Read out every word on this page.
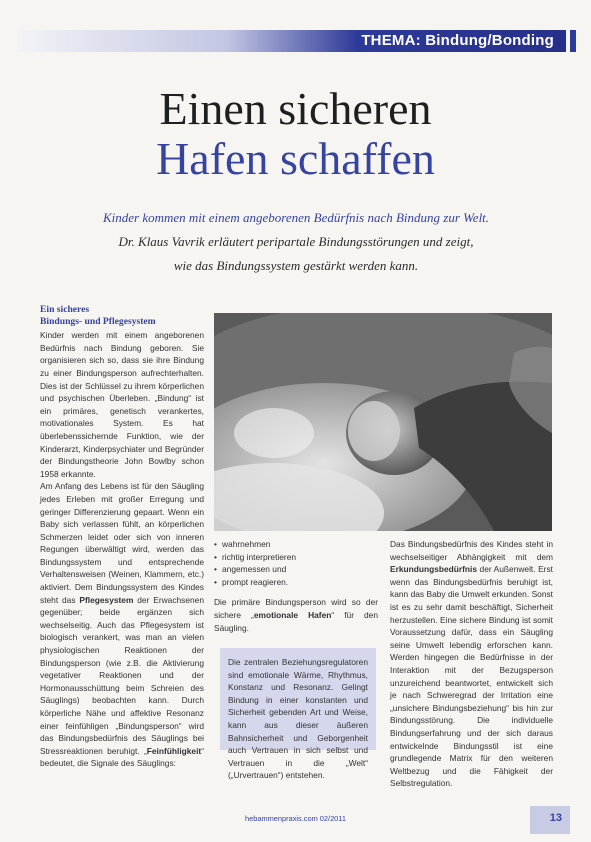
THEMA: Bindung/Bonding
Einen sicheren
Hafen schaffen
Kinder kommen mit einem angeborenen Bedürfnis nach Bindung zur Welt.
Dr. Klaus Vavrik erläutert peripartale Bindungsstörungen und zeigt,
wie das Bindungssystem gestärkt werden kann.
Ein sicheres
Bindungs- und Pflegesystem

Kinder werden mit einem angeborenen Bedürfnis nach Bindung geboren. Sie organisieren sich so, dass sie ihre Bindung zu einer Bindungsperson aufrechterhalten. Dies ist der Schlüssel zu ihrem körperlichen und psychischen Überleben. „Bindung“ ist ein primäres, genetisch verankertes, motivationales System. Es hat überlebenssichernde Funktion, wie der Kinderarzt, Kinderpsychiater und Begründer der Bindungstheorie John Bowlby schon 1958 erkannte.

Am Anfang des Lebens ist für den Säugling jedes Erleben mit großer Erregung und geringer Differenzierung gepaart. Wenn ein Baby sich verlassen fühlt, an körperlichen Schmerzen leidet oder sich von inneren Regungen überwältigt wird, werden das Bindungssystem und entsprechende Verhaltensweisen (Weinen, Klammern, etc.) aktiviert. Dem Bindungssystem des Kindes steht das Pflegesystem der Erwachsenen gegenüber; beide ergänzen sich wechselseitig. Auch das Pflegesystem ist biologisch verankert, was man an vielen physiologischen Reaktionen der Bindungsperson (wie z.B. die Aktivierung vegetativer Reaktionen und der Hormonausschüttung beim Schreien des Säuglings) beobachten kann. Durch körperliche Nähe und affektive Resonanz einer feinfühligen „Bindungsperson“ wird das Bindungsbedürfnis des Säuglings bei Stressreaktionen beruhigt. „Feinfühligkeit“ bedeutet, die Signale des Säuglings:

• wahrnehmen
• richtig interpretieren
• angemessen und
• prompt reagieren.

Die primäre Bindungsperson wird so der sichere „emotionale Hafen“ für den Säugling.

Die zentralen Beziehungsregulatoren sind emotionale Wärme, Rhythmus, Konstanz und Resonanz. Gelingt Bindung in einer konstanten und Sicherheit gebenden Art und Weise, kann aus dieser äußeren Bahnsicherheit und Geborgenheit auch Vertrauen in sich selbst und Vertrauen in die „Welt“ („Urvertrauen“) entstehen.

Das Bindungsbedürfnis des Kindes steht in wechselseitiger Abhängigkeit mit dem Erkundungsbedürfnis der Außenwelt. Erst wenn das Bindungsbedürfnis beruhigt ist, kann das Baby die Umwelt erkunden. Sonst ist es zu sehr damit beschäftigt, Sicherheit herzustellen. Eine sichere Bindung ist somit Voraussetzung dafür, dass ein Säugling seine Umwelt lebendig erforschen kann. Werden hingegen die Bedürfnisse in der Interaktion mit der Bezugsperson unzureichend beantwortet, entwickelt sich je nach Schweregrad der Irritation eine „unsichere Bindungsbeziehung“ bis hin zur Bindungsstörung. Die individuelle Bindungserfahrung und der sich daraus entwickelnde Bindungsstil ist eine grundlegende Matrix für den weiteren Weltbezug und die Fähigkeit der Selbstregulation.

hebammenpraxis.com 02/2011	13
